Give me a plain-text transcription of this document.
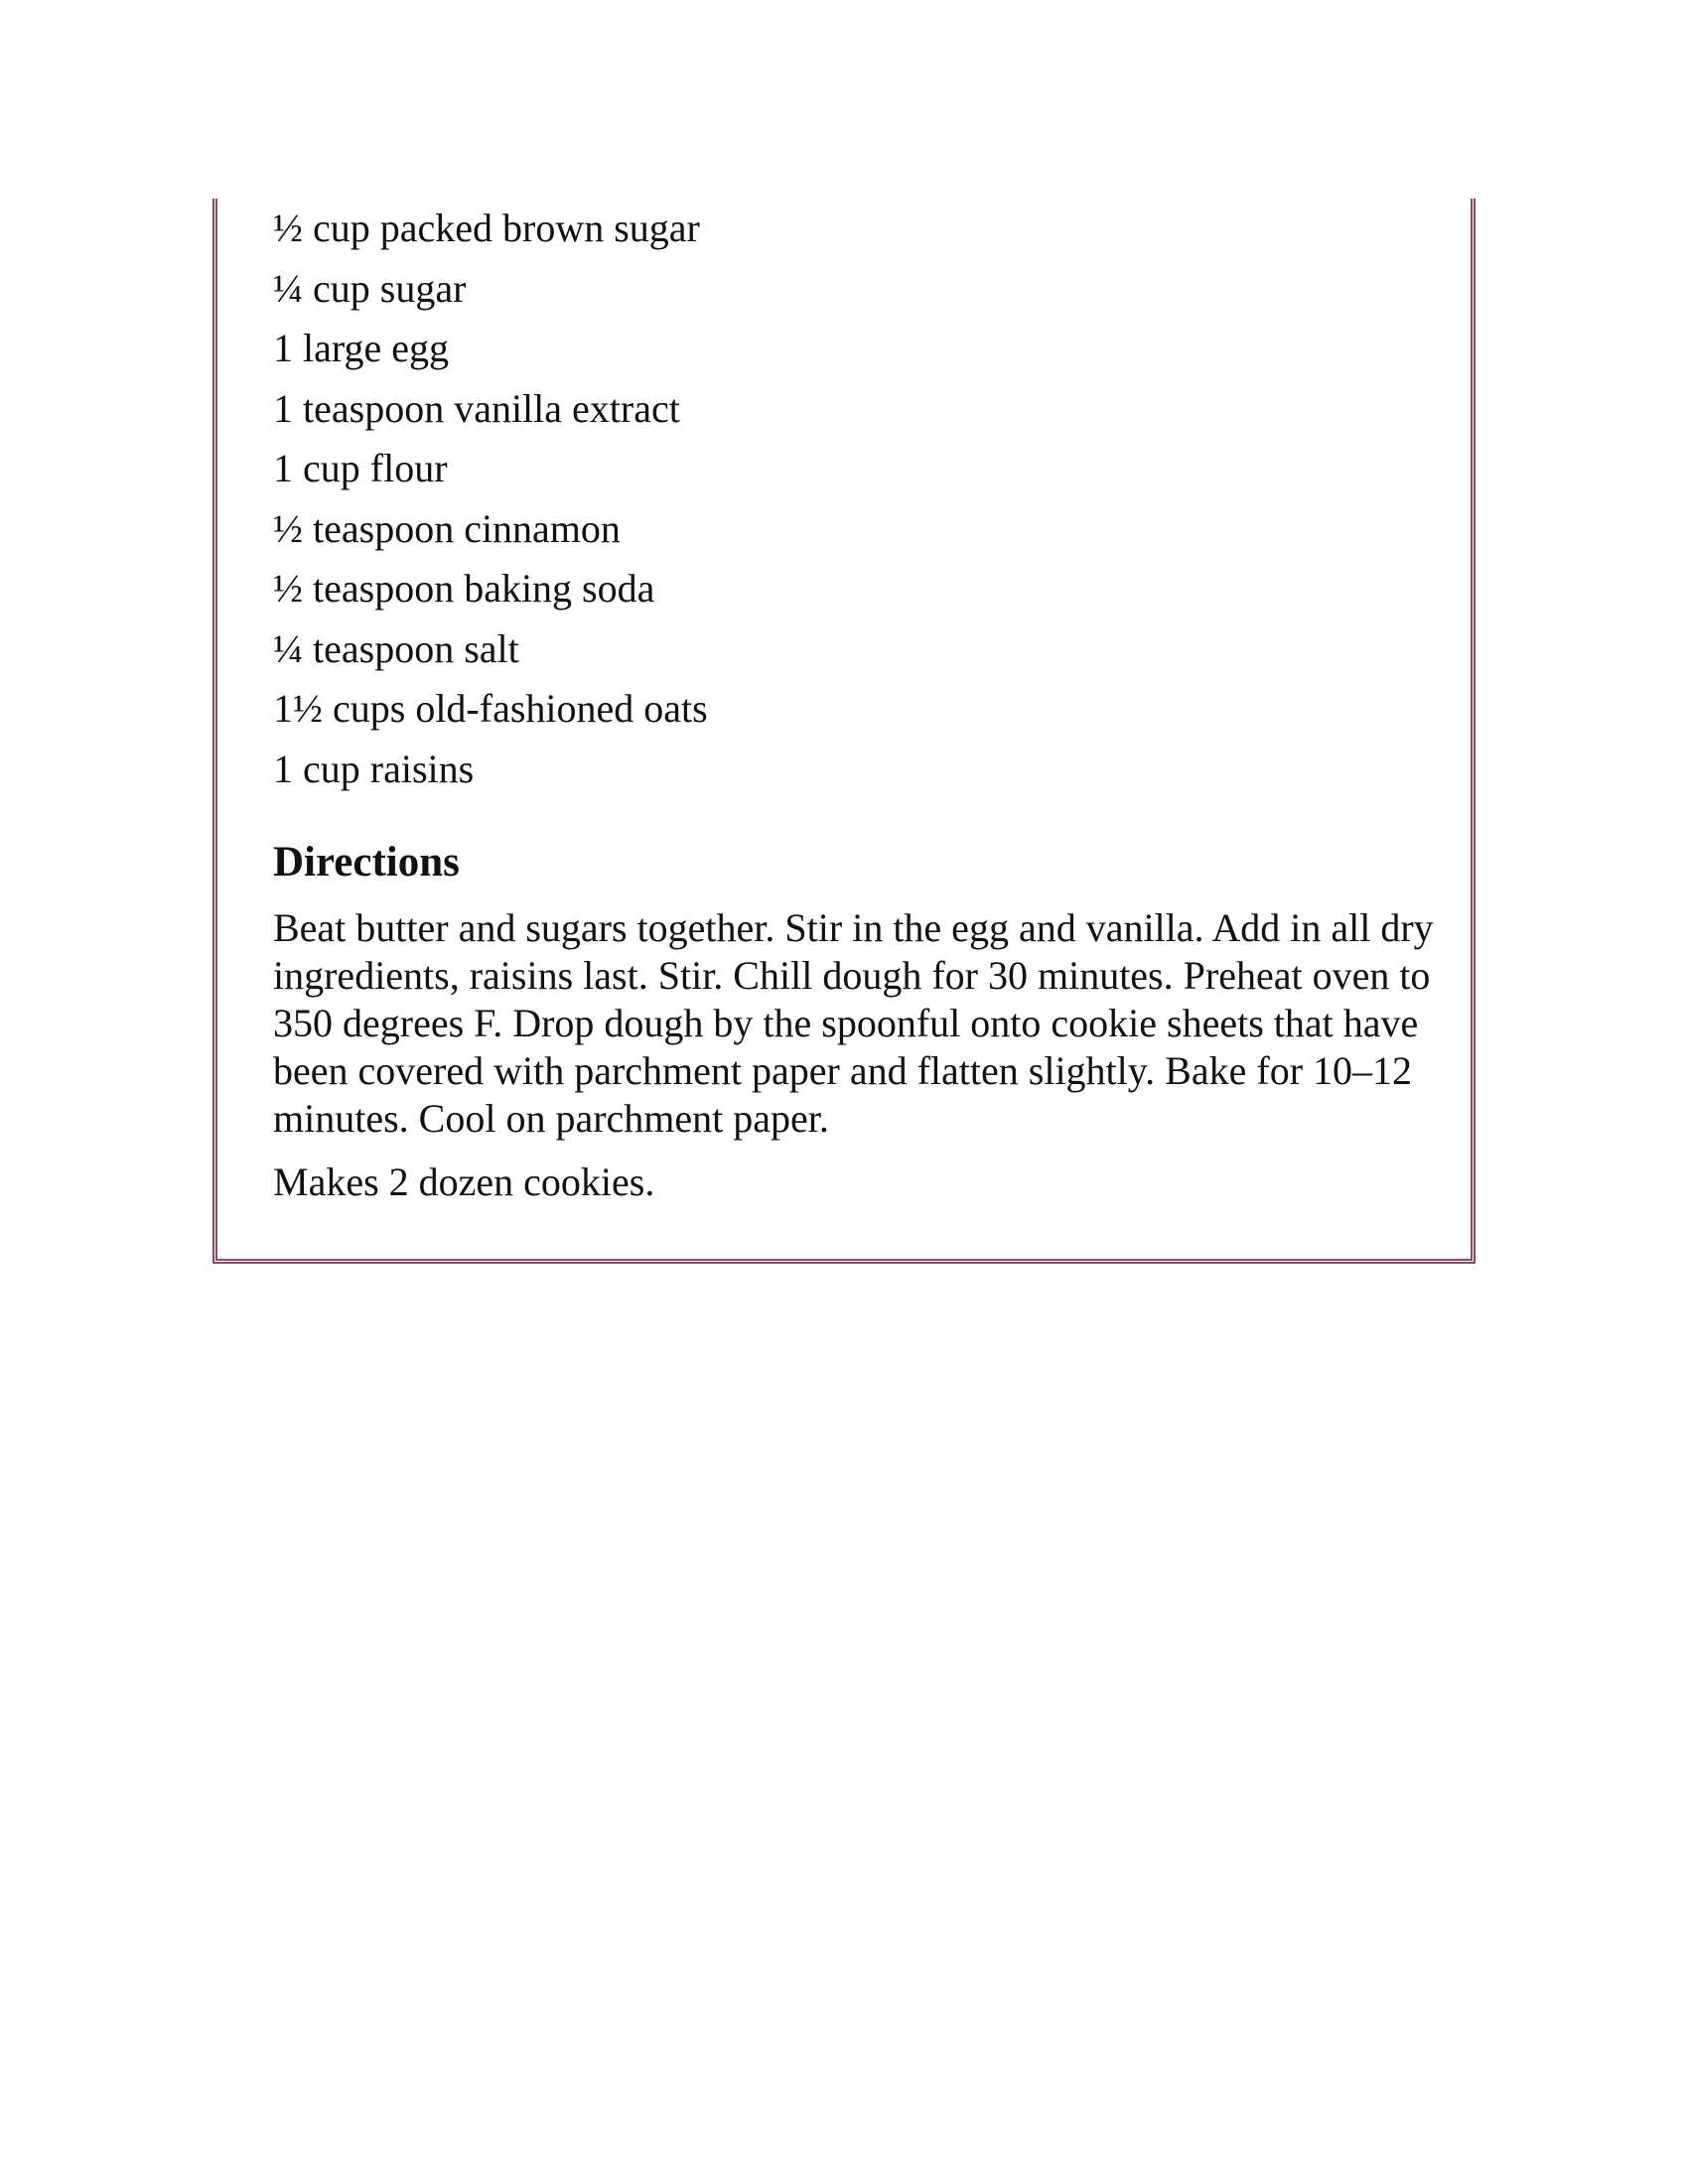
½ cup packed brown sugar
¼ cup sugar
1 large egg
1 teaspoon vanilla extract
1 cup flour
½ teaspoon cinnamon
½ teaspoon baking soda
¼ teaspoon salt
1½ cups old-fashioned oats
1 cup raisins
Directions

Beat butter and sugars together. Stir in the egg and vanilla. Add in all dry ingredients, raisins last. Stir. Chill dough for 30 minutes. Preheat oven to 350 degrees F. Drop dough by the spoonful onto cookie sheets that have been covered with parchment paper and flatten slightly. Bake for 10–12 minutes. Cool on parchment paper.

Makes 2 dozen cookies.
